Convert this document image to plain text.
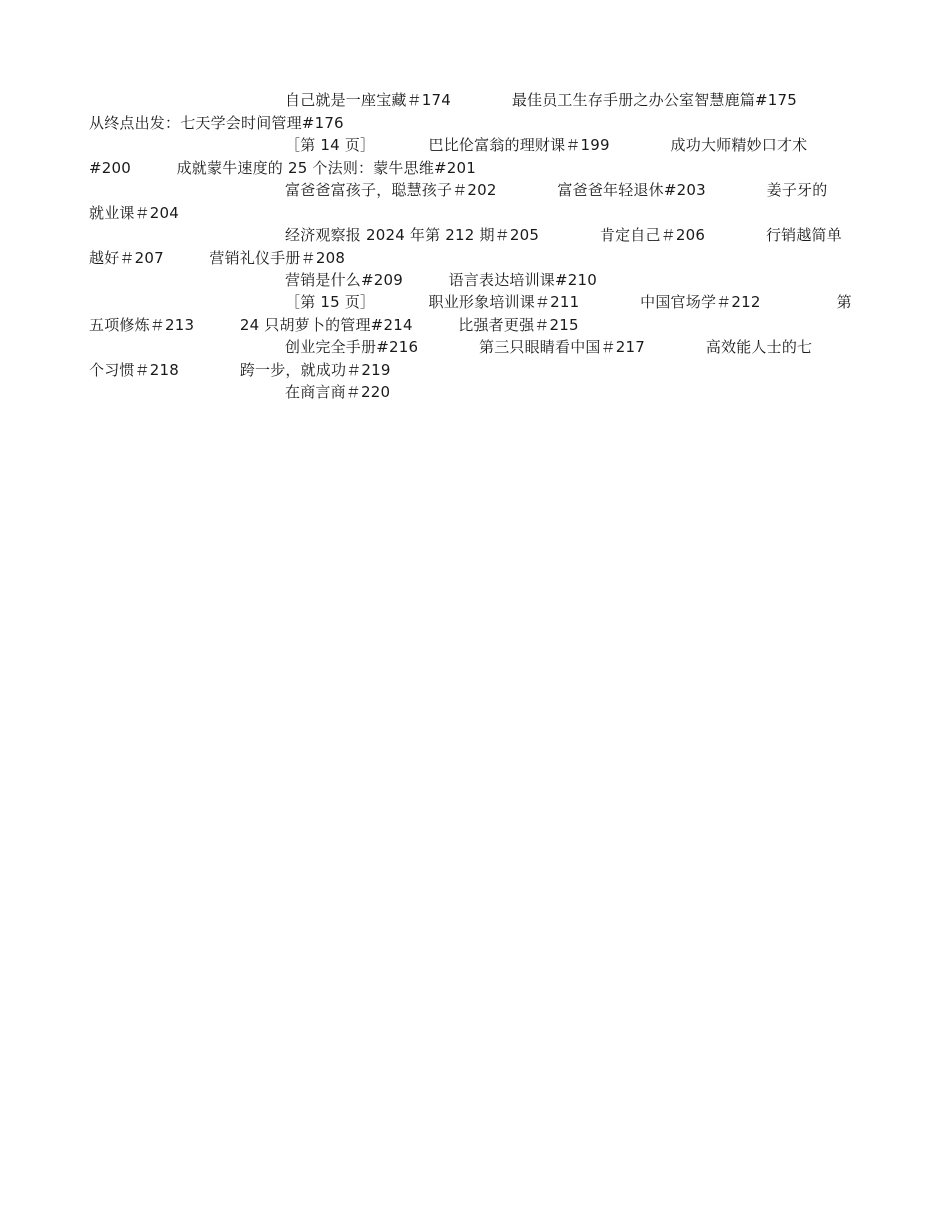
自己就是一座宝藏＃174　　　　最佳员工生存手册之办公室智慧鹿篇#175
从终点出发：七天学会时间管理#176
［第 14 页］　　　　巴比伦富翁的理财课＃199　　　　成功大师精妙口才术
#200　　　成就蒙牛速度的 25 个法则：蒙牛思维#201
富爸爸富孩子，聪慧孩子＃202　　　　富爸爸年轻退休#203　　　　姜子牙的
就业课＃204
经济观察报 2024 年第 212 期＃205　　　　肯定自己＃206　　　　行销越简单
越好＃207　　　营销礼仪手册＃208
营销是什么#209　　　语言表达培训课#210
［第 15 页］　　　　职业形象培训课＃211　　　　中国官场学＃212　　　　　第
五项修炼＃213　　　24 只胡萝卜的管理#214　　　比强者更强＃215
创业完全手册#216　　　　第三只眼睛看中国＃217　　　　高效能人士的七
个习惯＃218　　　　跨一步，就成功＃219
在商言商＃220
